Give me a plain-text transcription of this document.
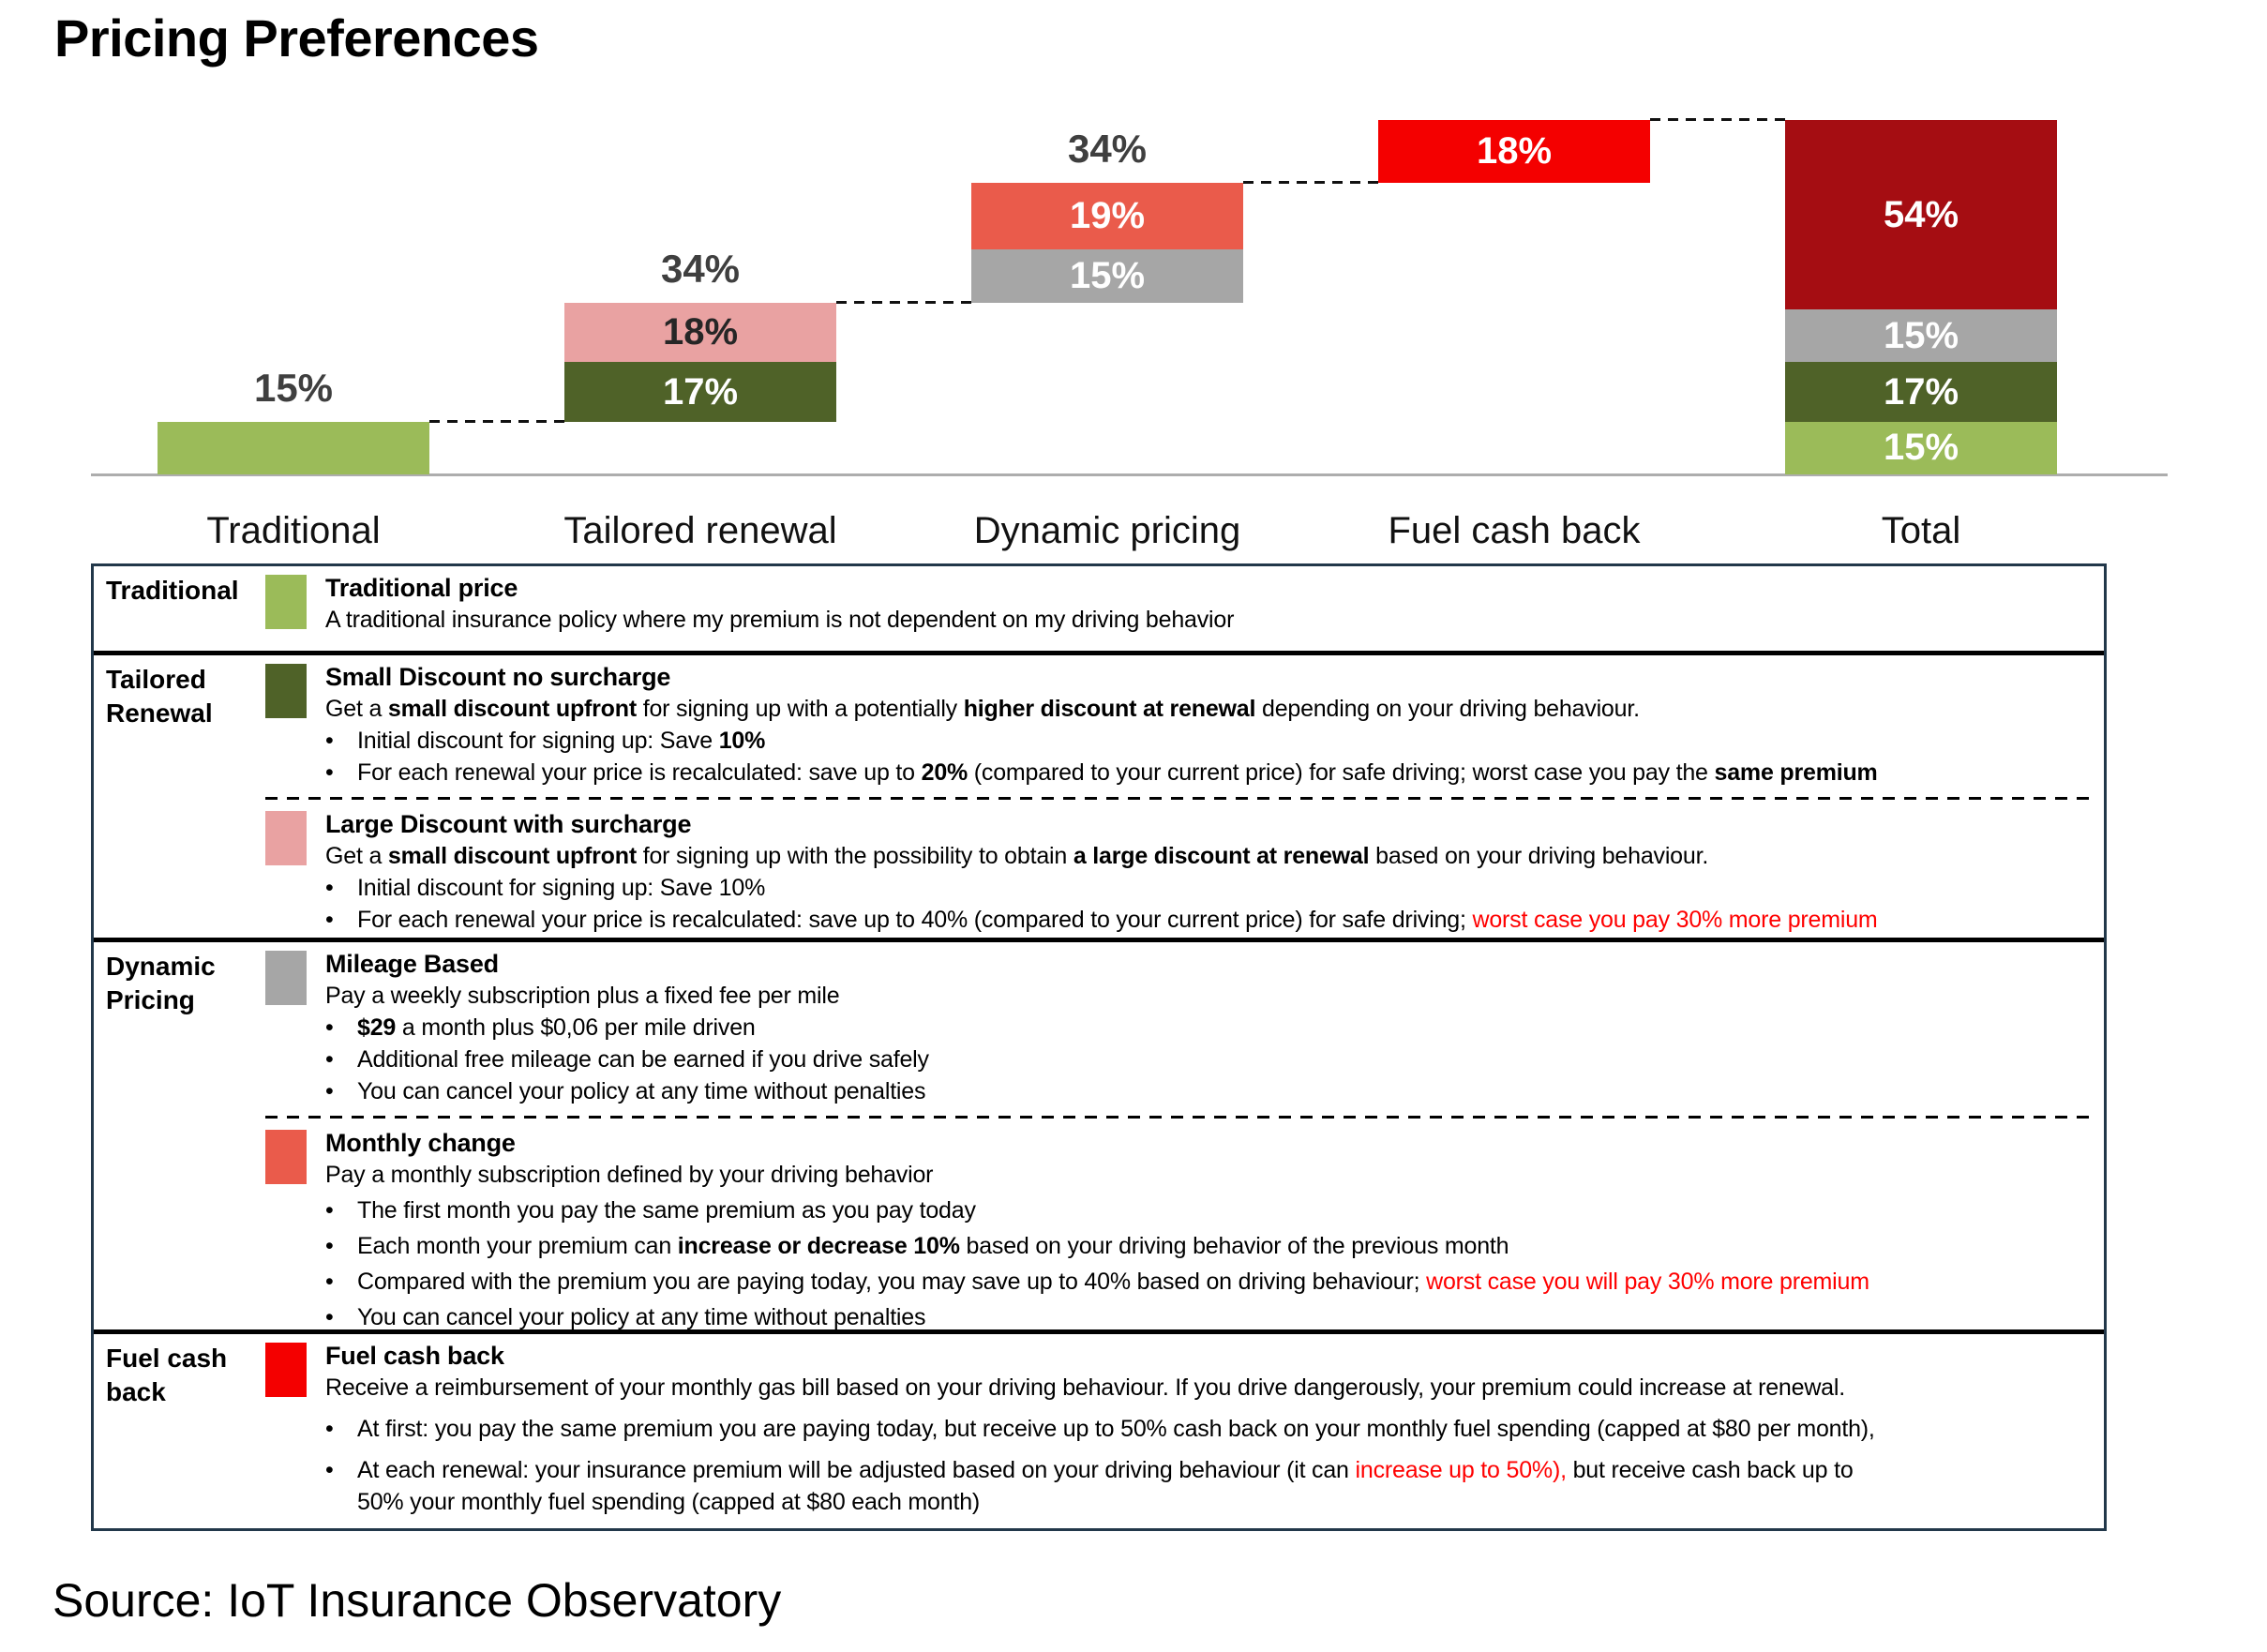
Pricing Preferences
15%
Traditional
17%
18%
34%
Tailored renewal
15%
19%
34%
Dynamic pricing
18%
Fuel cash back
15%
17%
15%
54%
Total
Traditional	Traditional price
A traditional insurance policy where my premium is not dependent on my driving behavior
Tailored
Renewal
Small Discount no surcharge
Get a small discount upfront for signing up with a potentially higher discount at renewal depending on your driving behaviour.
•	Initial discount for signing up: Save 10%
•	For each renewal your price is recalculated: save up to 20% (compared to your current price) for safe driving; worst case you pay the same premium
Large Discount with surcharge
Get a small discount upfront for signing up with the possibility to obtain a large discount at renewal based on your driving behaviour.
•	Initial discount for signing up: Save 10%
•	For each renewal your price is recalculated: save up to 40% (compared to your current price) for safe driving; worst case you pay 30% more premium
Dynamic
Pricing
Mileage Based
Pay a weekly subscription plus a fixed fee per mile
•	$29 a month plus $0,06 per mile driven
•	Additional free mileage can be earned if you drive safely
•	You can cancel your policy at any time without penalties
Monthly change
Pay a monthly subscription defined by your driving behavior
•	The first month you pay the same premium as you pay today
•	Each month your premium can increase or decrease 10% based on your driving behavior of the previous month
•	Compared with the premium you are paying today, you may save up to 40% based on driving behaviour; worst case you will pay 30% more premium
•	You can cancel your policy at any time without penalties
Fuel cash
back
Fuel cash back
Receive a reimbursement of your monthly gas bill based on your driving behaviour. If you drive dangerously, your premium could increase at renewal.
•	At first: you pay the same premium you are paying today, but receive up to 50% cash back on your monthly fuel spending (capped at $80 per month),
•	At each renewal: your insurance premium will be adjusted based on your driving behaviour (it can increase up to 50%), but receive cash back up to
50% your monthly fuel spending (capped at $80 each month)
Source: IoT Insurance Observatory
